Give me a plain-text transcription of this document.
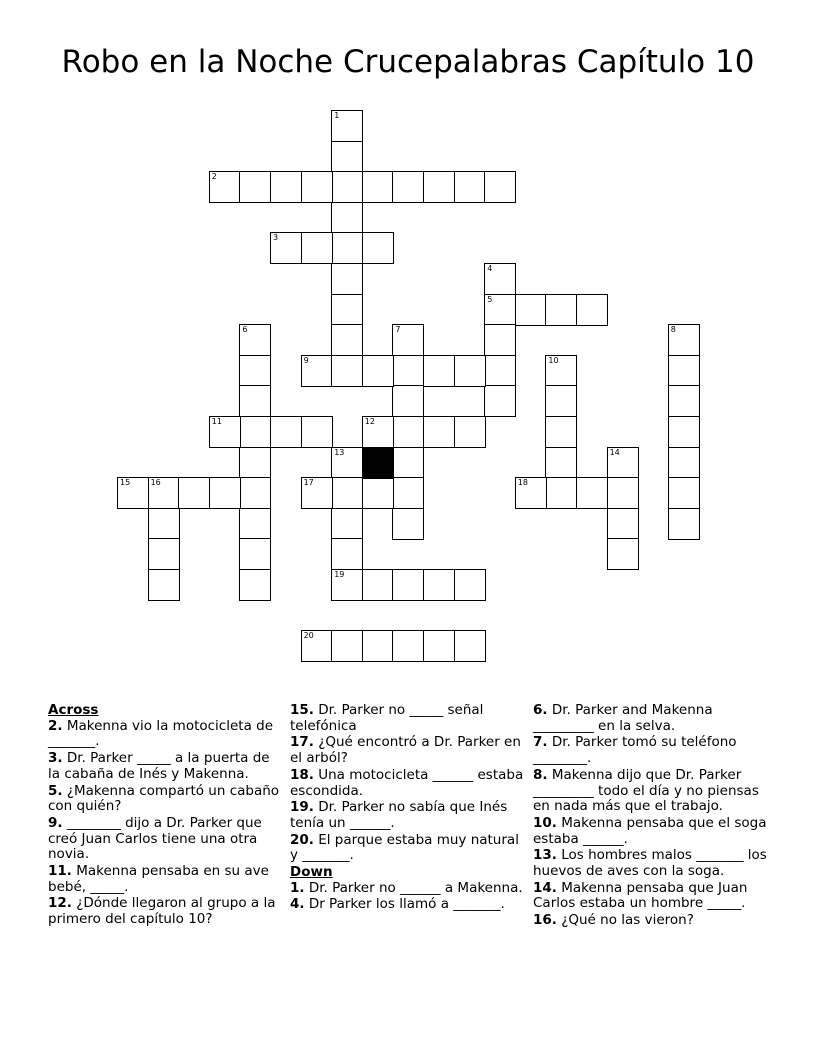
Robo en la Noche Crucepalabras Capítulo 10
1
2
3
4
5
6	7	8
9	10
11	12
13
19
14
15	16	17	18
20
Across

2. Makenna vio la motocicleta de _______.

3. Dr. Parker _____ a la puerta de la cabaña de Inés y Makenna.

5. ¿Makenna compartó un cabaño con quién?

9. ________ dijo a Dr. Parker que creó Juan Carlos tiene una otra novia.

11. Makenna pensaba en su ave bebé, _____.

12. ¿Dónde llegaron al grupo a la primero del capítulo 10?

15. Dr. Parker no _____ señal telefónica

17. ¿Qué encontró a Dr. Parker en el arból?

18. Una motocicleta ______ estaba escondida.

19. Dr. Parker no sabía que Inés tenía un ______.

20. El parque estaba muy natural y _______.

Down

1. Dr. Parker no ______ a Makenna.

4. Dr Parker los llamó a _______.

6. Dr. Parker and Makenna _________ en la selva.

7. Dr. Parker tomó su teléfono ________.

8. Makenna dijo que Dr. Parker _________ todo el día y no piensas en nada más que el trabajo.

10. Makenna pensaba que el soga estaba ______.

13. Los hombres malos _______ los huevos de aves con la soga.

14. Makenna pensaba que Juan Carlos estaba un hombre _____.

16. ¿Qué no las vieron?
